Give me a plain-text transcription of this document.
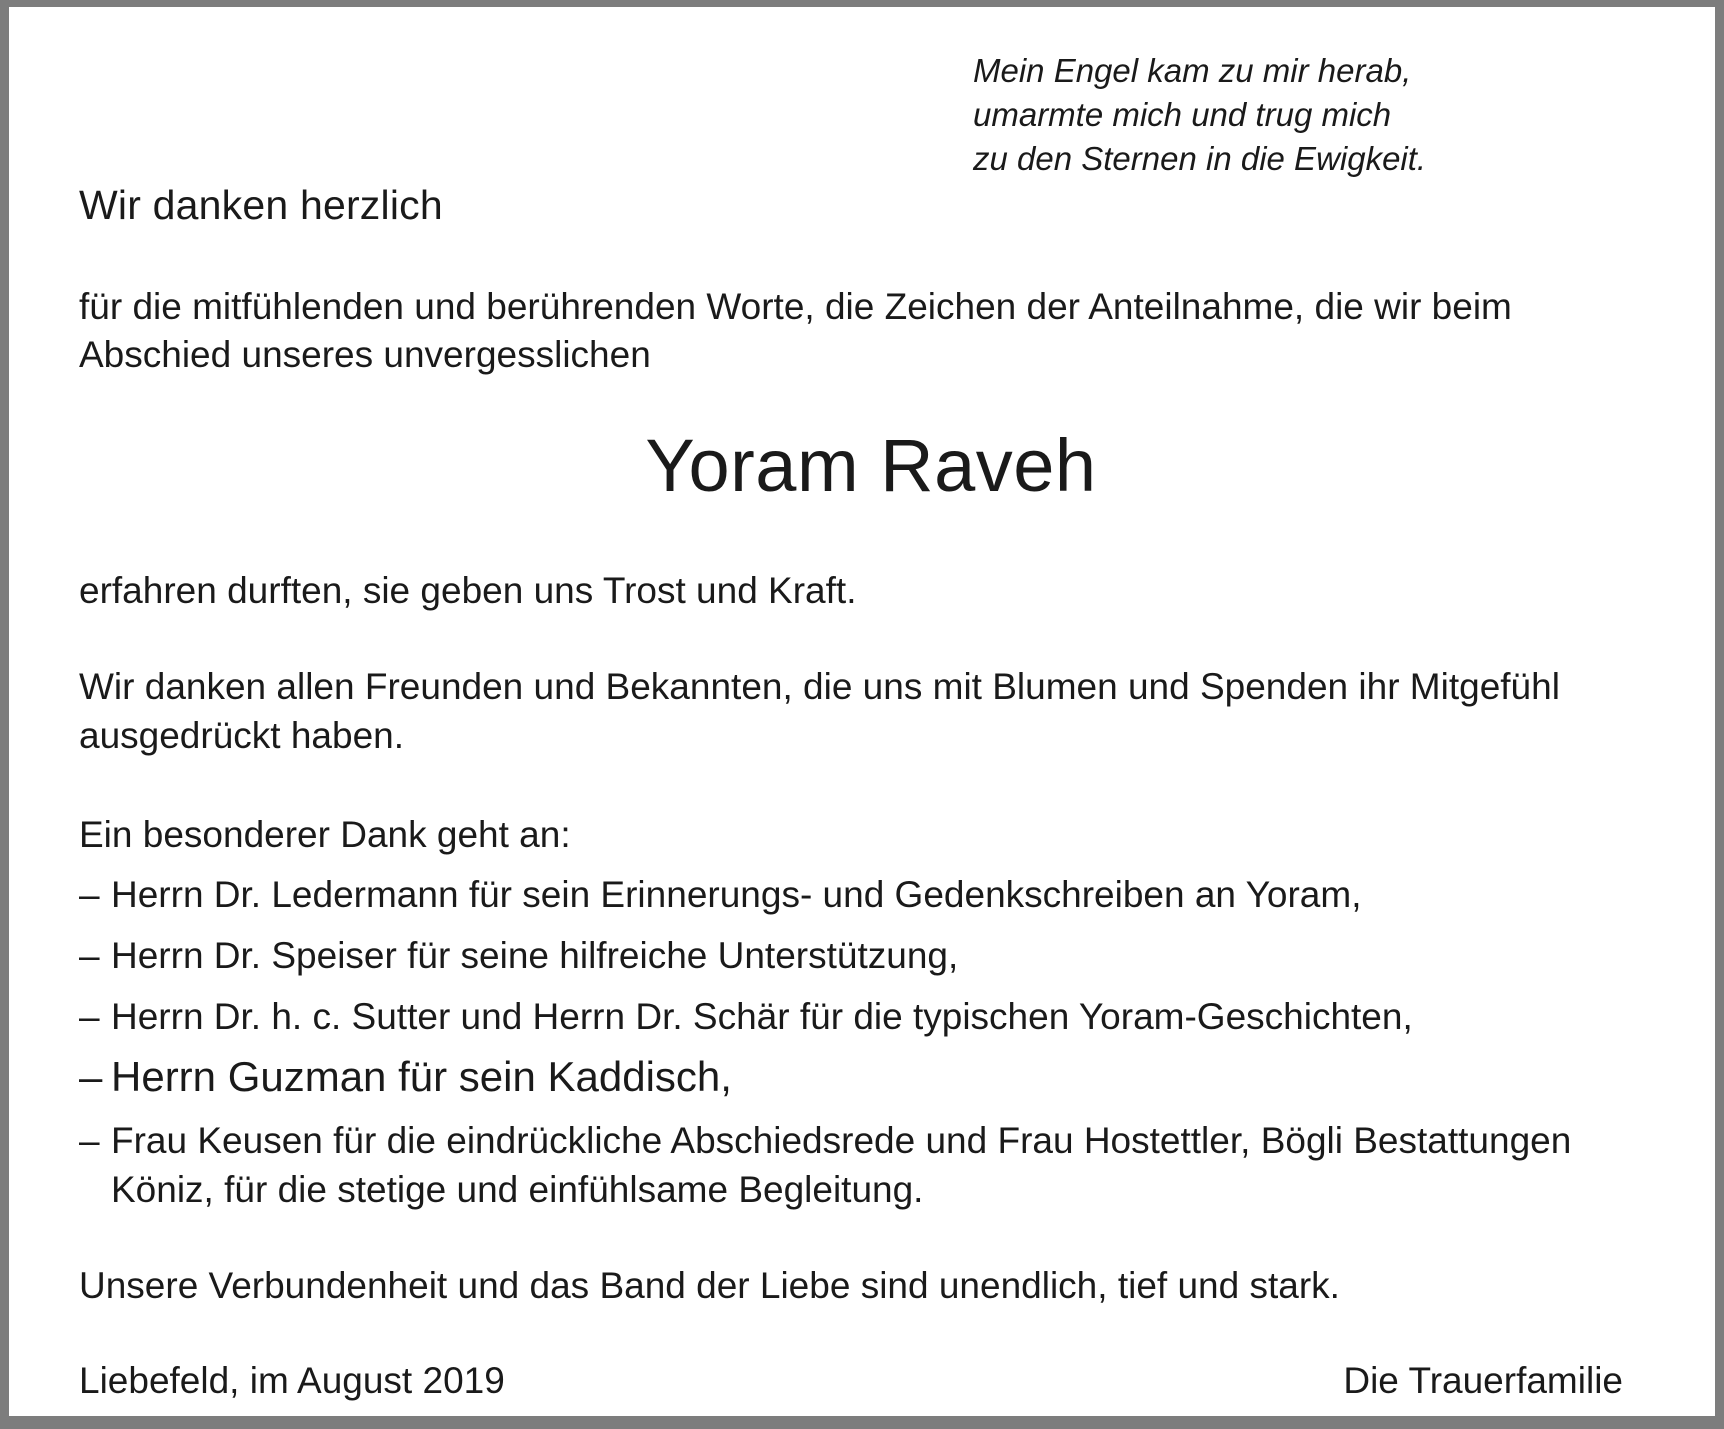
Mein Engel kam zu mir herab,
umarmte mich und trug mich
zu den Sternen in die Ewigkeit.
Wir danken herzlich

für die mitfühlenden und berührenden Worte, die Zeichen der Anteilnahme, die wir beim

Abschied unseres unvergesslichen

Yoram Raveh

erfahren durften, sie geben uns Trost und Kraft.

Wir danken allen Freunden und Bekannten, die uns mit Blumen und Spenden ihr Mitgefühl

ausgedrückt haben.

Ein besonderer Dank geht an:

– Herrn Dr. Ledermann für sein Erinnerungs- und Gedenkschreiben an Yoram,

– Herrn Dr. Speiser für seine hilfreiche Unterstützung,

– Herrn Dr. h. c. Sutter und Herrn Dr. Schär für die typischen Yoram-Geschichten,

– Herrn Guzman für sein Kaddisch,

– Frau Keusen für die eindrückliche Abschiedsrede und Frau Hostettler, Bögli Bestattungen

Köniz, für die stetige und einfühlsame Begleitung.

Unsere Verbundenheit und das Band der Liebe sind unendlich, tief und stark.

Liebefeld, im August 2019	Die Trauerfamilie
